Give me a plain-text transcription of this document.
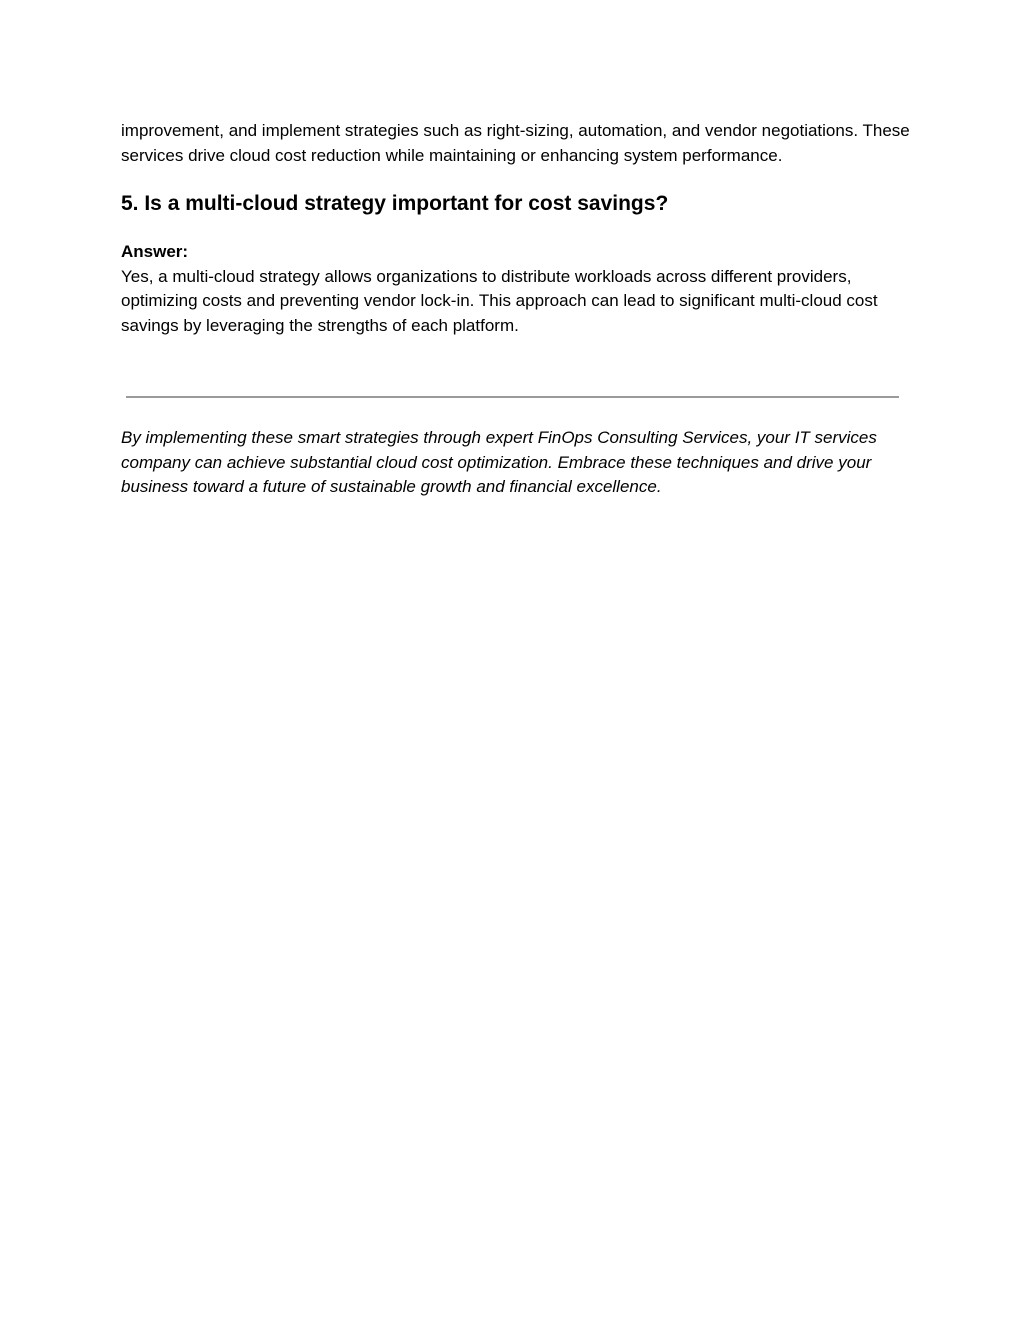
improvement, and implement strategies such as right-sizing, automation, and vendor negotiations. These services drive cloud cost reduction while maintaining or enhancing system performance.

5. Is a multi-cloud strategy important for cost savings?
Answer:

Yes, a multi-cloud strategy allows organizations to distribute workloads across different providers, optimizing costs and preventing vendor lock-in. This approach can lead to significant multi-cloud cost savings by leveraging the strengths of each platform.

By implementing these smart strategies through expert FinOps Consulting Services, your IT services company can achieve substantial cloud cost optimization. Embrace these techniques and drive your business toward a future of sustainable growth and financial excellence.
